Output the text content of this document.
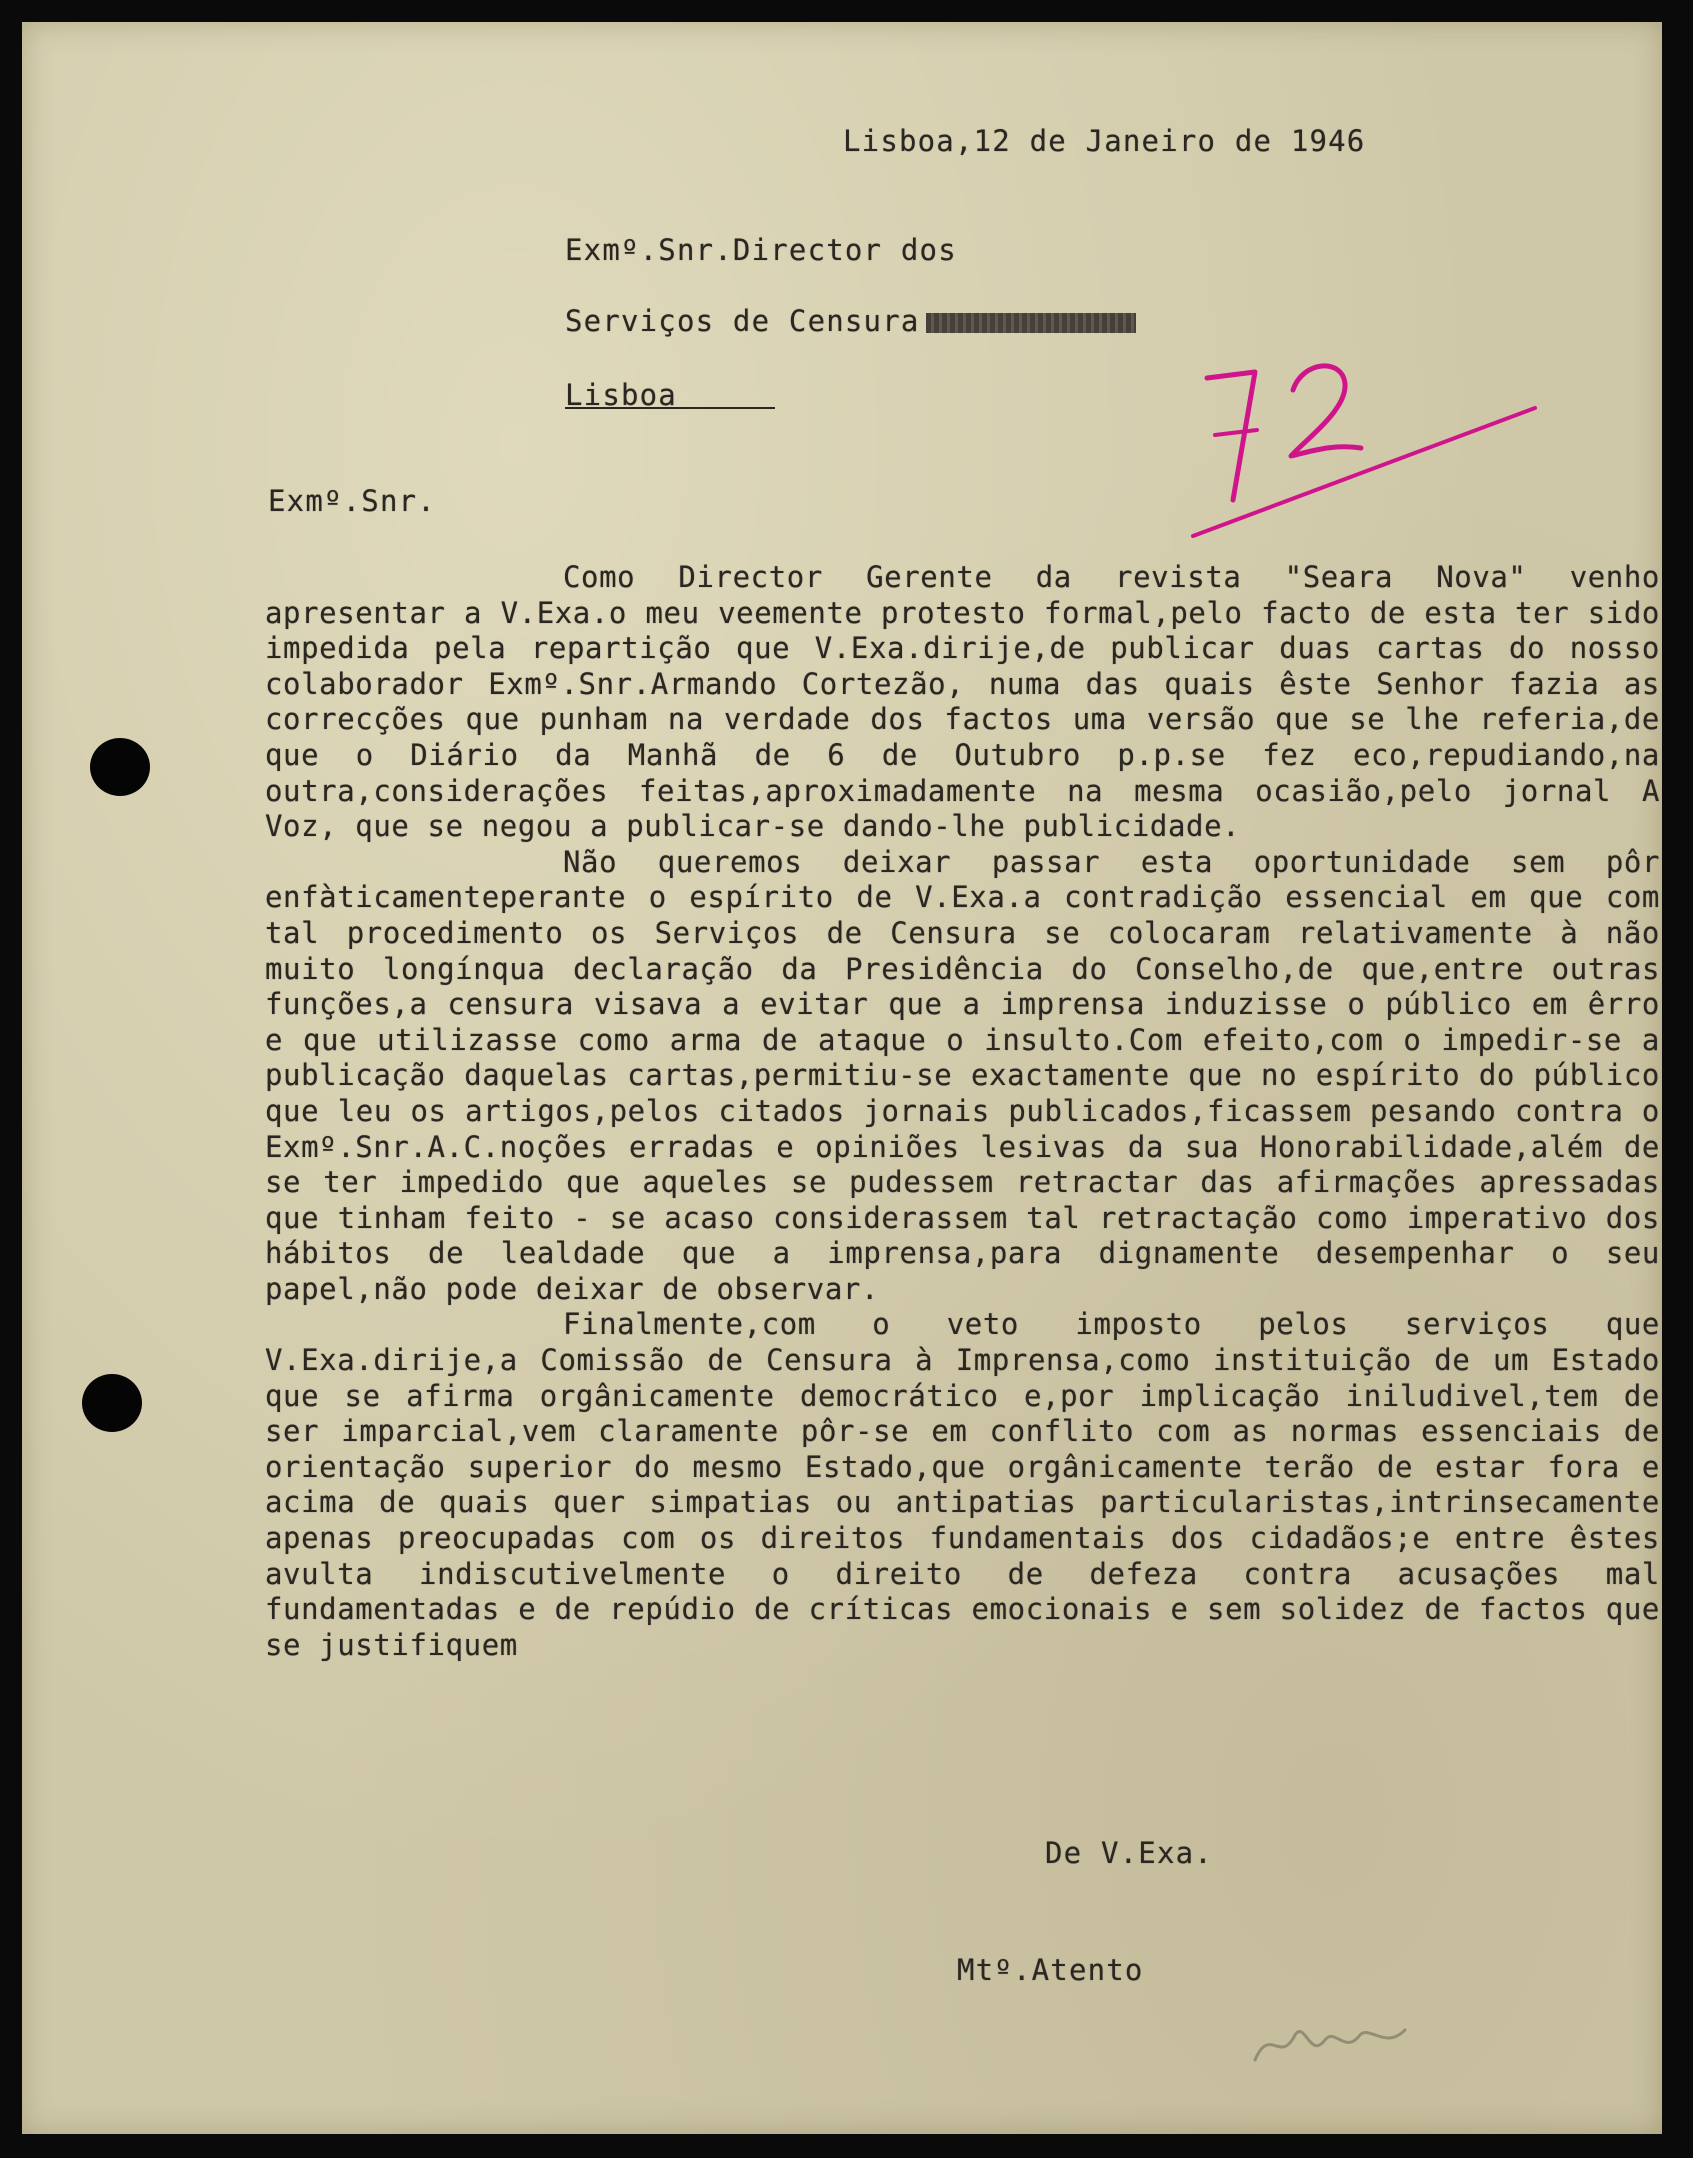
Lisboa,12 de Janeiro de 1946

Exmº.Snr.Director dos

Serviços de Censura

Lisboa

Exmº.Snr.

Como Director Gerente da revista "Seara Nova" venho apresentar a V.Exa.o meu veemente protesto formal,pelo facto de esta ter sido impedida pela repartição que V.Exa.dirije,de publicar duas cartas do nosso colaborador Exmº.Snr.Armando Cortezão, numa das quais êste Senhor fazia as correcções que punham na verdade dos factos uma versão que se lhe referia,de que o Diário da Manhã de 6 de Outubro p.p.se fez eco,repudiando,na outra,considerações feitas,aproximadamente na mesma ocasião,pelo jornal A Voz, que se negou a publicar-se dando-lhe publicidade.

Não queremos deixar passar esta oportunidade sem pôr enfàticamenteperante o espírito de V.Exa.a contradição essencial em que com tal procedimento os Serviços de Censura se colocaram relativamente à não muito longínqua declaração da Presidência do Conselho,de que,entre outras funções,a censura visava a evitar que a imprensa induzisse o público em êrro e que utilizasse como arma de ataque o insulto.Com efeito,com o impedir-se a publicação daquelas cartas,permitiu-se exactamente que no espírito do público que leu os artigos,pelos citados jornais publicados,ficassem pesando contra o Exmº.Snr.A.C.noções erradas e opiniões lesivas da sua Honorabilidade,além de se ter impedido que aqueles se pudessem retractar das afirmações apressadas que tinham feito - se acaso considerassem tal retractação como imperativo dos hábitos de lealdade que a imprensa,para dignamente desempenhar o seu papel,não pode deixar de observar.

Finalmente,com o veto imposto pelos serviços que V.Exa.dirije,a Comissão de Censura à Imprensa,como instituição de um Estado que se afirma orgânicamente democrático e,por implicação iniludivel,tem de ser imparcial,vem claramente pôr-se em conflito com as normas essenciais de orientação superior do mesmo Estado,que orgânicamente terão de estar fora e acima de quais quer simpatias ou antipatias particularistas,intrinsecamente apenas preocupadas com os direitos fundamentais dos cidadãos;e entre êstes avulta indiscutivelmente o direito de defeza contra acusações mal fundamentadas e de repúdio de críticas emocionais e sem solidez de factos que se justifiquem

De V.Exa.

Mtº.Atento
